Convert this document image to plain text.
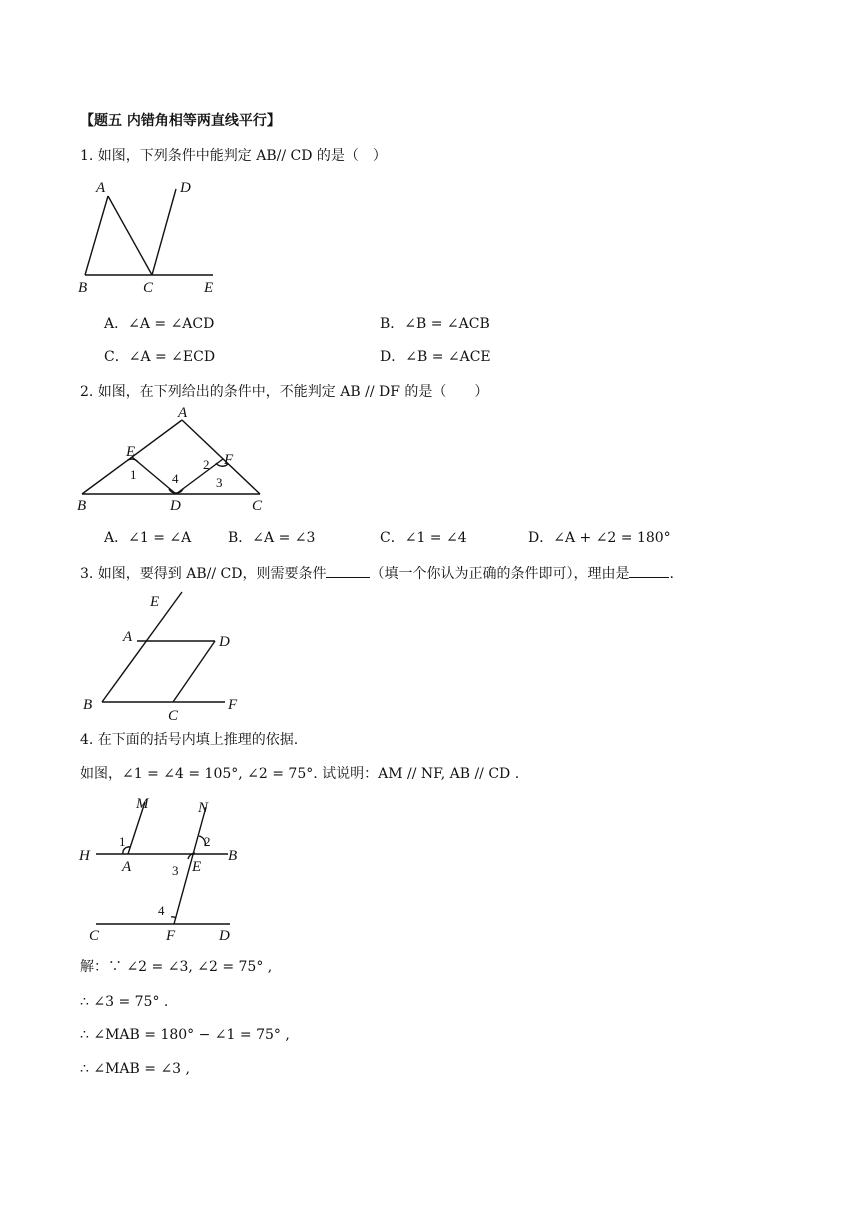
【题五 内错角相等两直线平行】
1. 如图，下列条件中能判定 AB// CD 的是（　）
A	D
B	C	E
A．∠A = ∠ACD	B．∠B = ∠ACB
C．∠A = ∠ECD	D．∠B = ∠ACE
2. 如图，在下列给出的条件中，不能判定 AB // DF 的是（　　）
A
E	F
B	D	C
1	4
2
3
A．∠1 = ∠A	B．∠A = ∠3	C．∠1 = ∠4	D．∠A + ∠2 = 180°
3. 如图，要得到 AB// CD，则需要条件	（填一个你认为正确的条件即可），理由是	.
E
A	D
B
C
F
4. 在下面的括号内填上推理的依据.
如图，∠1 = ∠4 = 105°, ∠2 = 75°. 试说明：AM // NF, AB // CD .
M	N
H
A	E
B
C	F	D
1	2
3
4
解：∵ ∠2 = ∠3, ∠2 = 75° ,
∴ ∠3 = 75° .
∴ ∠MAB = 180° − ∠1 = 75° ,
∴ ∠MAB = ∠3 ,
